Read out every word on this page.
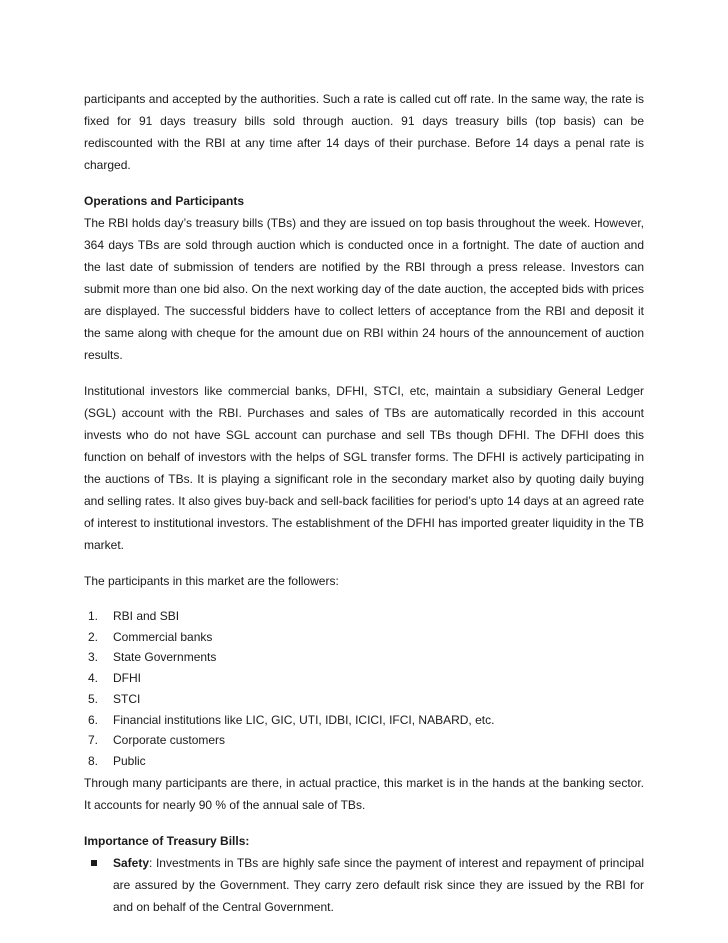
participants and accepted by the authorities. Such a rate is called cut off rate. In the same way, the rate is fixed for 91 days treasury bills sold through auction. 91 days treasury bills (top basis) can be rediscounted with the RBI at any time after 14 days of their purchase. Before 14 days a penal rate is charged.

Operations and Participants

The RBI holds day’s treasury bills (TBs) and they are issued on top basis throughout the week. However, 364 days TBs are sold through auction which is conducted once in a fortnight. The date of auction and the last date of submission of tenders are notified by the RBI through a press release. Investors can submit more than one bid also. On the next working day of the date auction, the accepted bids with prices are displayed. The successful bidders have to collect letters of acceptance from the RBI and deposit it the same along with cheque for the amount due on RBI within 24 hours of the announcement of auction results.

Institutional investors like commercial banks, DFHI, STCI, etc, maintain a subsidiary General Ledger (SGL) account with the RBI. Purchases and sales of TBs are automatically recorded in this account invests who do not have SGL account can purchase and sell TBs though DFHI. The DFHI does this function on behalf of investors with the helps of SGL transfer forms. The DFHI is actively participating in the auctions of TBs. It is playing a significant role in the secondary market also by quoting daily buying and selling rates. It also gives buy-back and sell-back facilities for period’s upto 14 days at an agreed rate of interest to institutional investors. The establishment of the DFHI has imported greater liquidity in the TB market.

The participants in this market are the followers:

1. RBI and SBI
2. Commercial banks
3. State Governments
4. DFHI
5. STCI
6. Financial institutions like LIC, GIC, UTI, IDBI, ICICI, IFCI, NABARD, etc.
7. Corporate customers
8. Public

Through many participants are there, in actual practice, this market is in the hands at the banking sector. It accounts for nearly 90 % of the annual sale of TBs.

Importance of Treasury Bills:
Safety: Investments in TBs are highly safe since the payment of interest and repayment of principal are assured by the Government. They carry zero default risk since they are issued by the RBI for and on behalf of the Central Government.
